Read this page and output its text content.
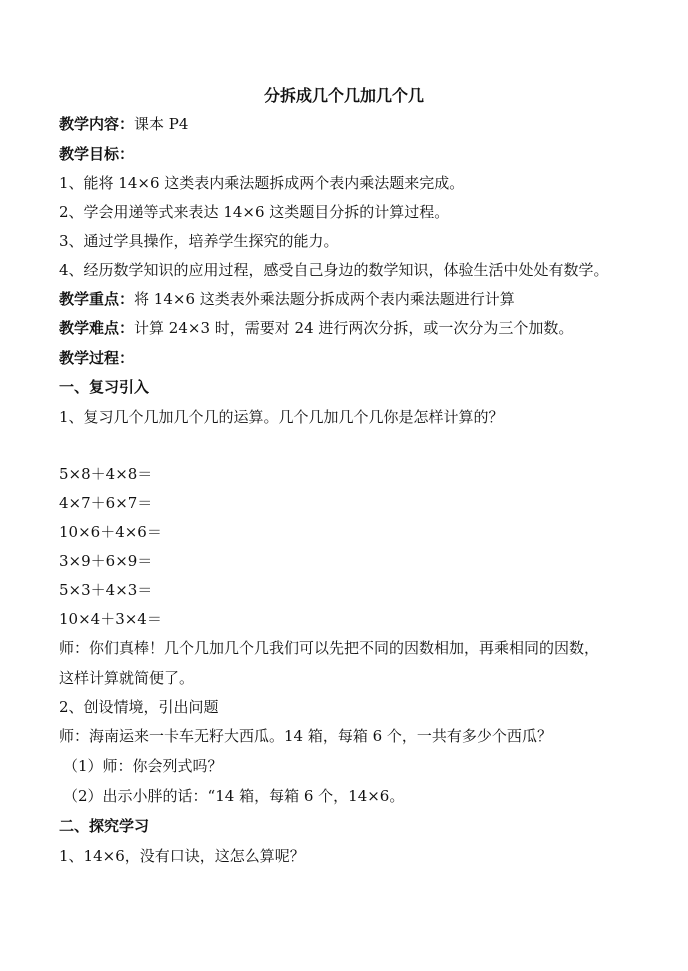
分拆成几个几加几个几
教学内容：课本 P4
教学目标：
1、能将 14×6 这类表内乘法题拆成两个表内乘法题来完成。
2、学会用递等式来表达 14×6 这类题目分拆的计算过程。
3、通过学具操作，培养学生探究的能力。
4、经历数学知识的应用过程，感受自己身边的数学知识，体验生活中处处有数学。
教学重点：将 14×6 这类表外乘法题分拆成两个表内乘法题进行计算
教学难点：计算 24×3 时，需要对 24 进行两次分拆，或一次分为三个加数。
教学过程：
一、复习引入
1、复习几个几加几个几的运算。几个几加几个几你是怎样计算的？
5×8＋4×8＝
4×7＋6×7＝
10×6＋4×6＝
3×9＋6×9＝
5×3＋4×3＝
10×4＋3×4＝
师：你们真棒！几个几加几个几我们可以先把不同的因数相加，再乘相同的因数，
这样计算就简便了。
2、创设情境，引出问题
师：海南运来一卡车无籽大西瓜。14 箱，每箱 6 个，一共有多少个西瓜？
（1）师：你会列式吗？
（2）出示小胖的话：“14 箱，每箱 6 个，14×6。
二、探究学习
1、14×6，没有口诀，这怎么算呢？
